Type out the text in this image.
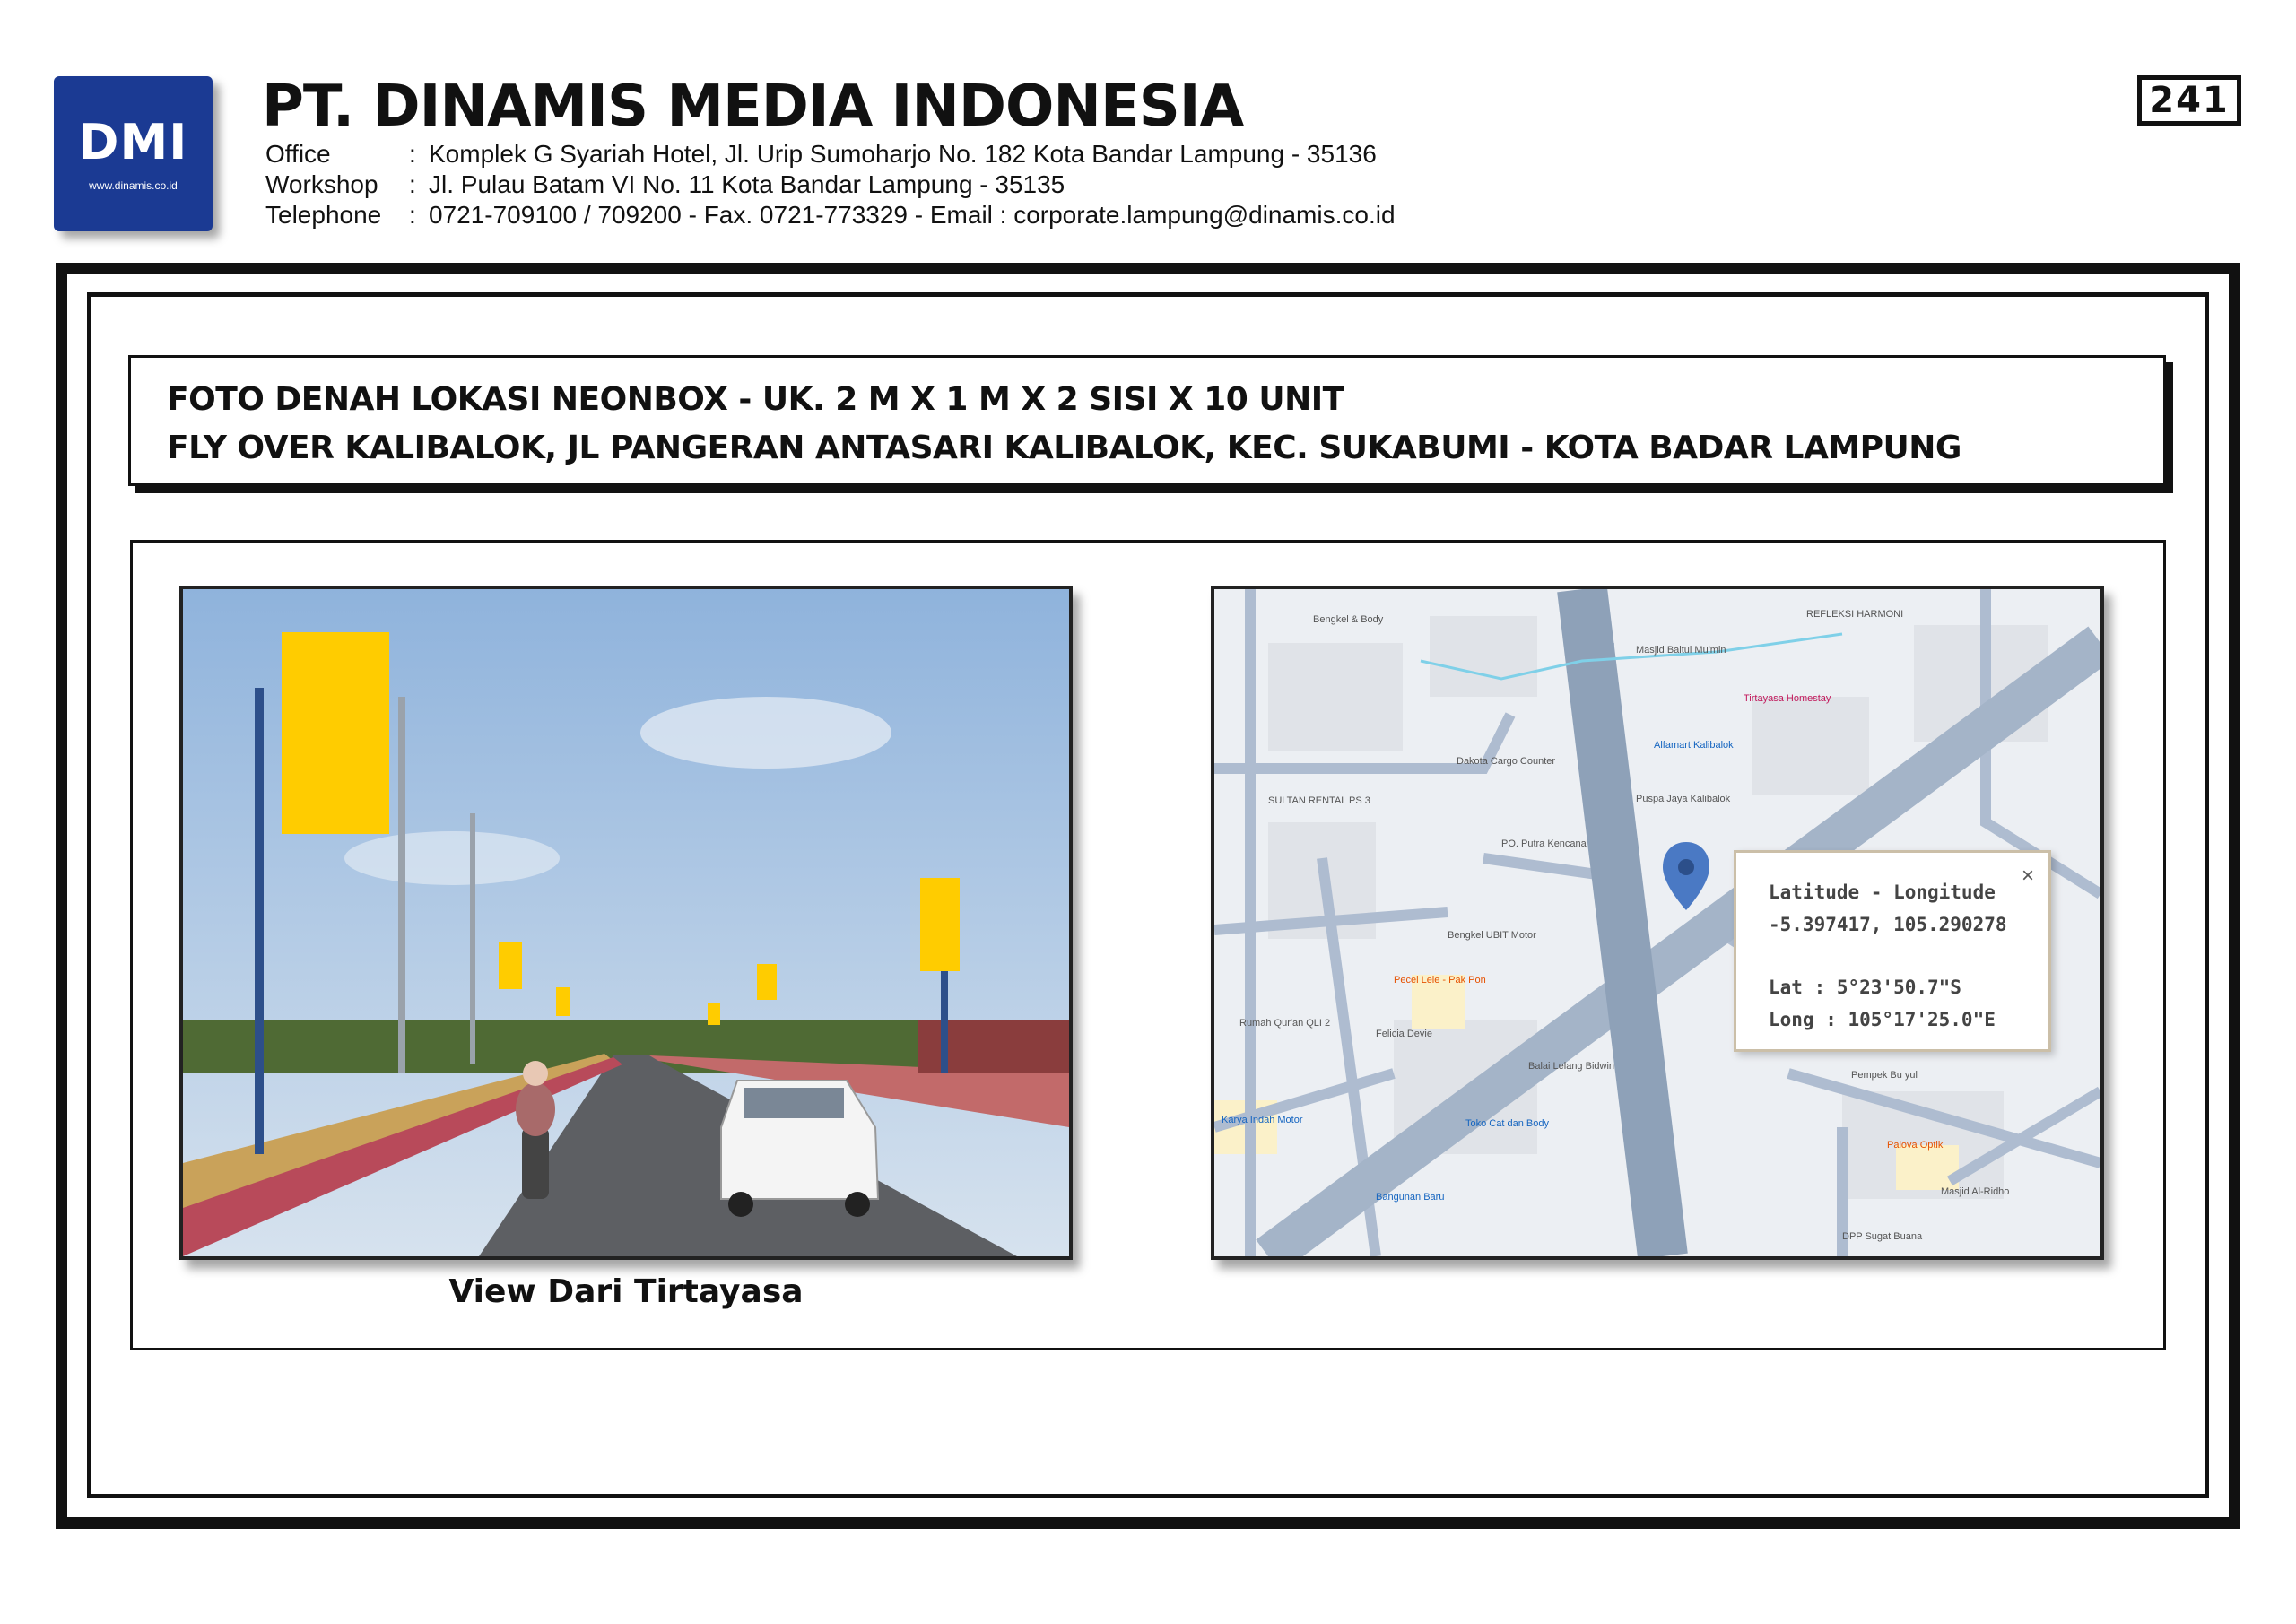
DMI
www.dinamis.co.id
PT. DINAMIS MEDIA INDONESIA
Office	: Komplek G Syariah Hotel, Jl. Urip Sumoharjo No. 182 Kota Bandar Lampung - 35136
Workshop	: Jl. Pulau Batam VI No. 11 Kota Bandar Lampung - 35135
Telephone	: 0721-709100 / 709200 - Fax. 0721-773329 - Email : corporate.lampung@dinamis.co.id
241
FOTO DENAH LOKASI NEONBOX - UK. 2 M X 1 M X 2 SISI X 10 UNIT
FLY OVER KALIBALOK, JL PANGERAN ANTASARI KALIBALOK, KEC. SUKABUMI - KOTA BADAR LAMPUNG
View Dari Tirtayasa
Bengkel & Body
Masjid Baitul Mu'min
REFLEKSI HARMONI
Tirtayasa Homestay
Alfamart Kalibalok
Dakota Cargo Counter
SULTAN RENTAL PS 3
PO. Putra Kencana
Puspa Jaya Kalibalok
Bengkel UBIT Motor
Pecel Lele - Pak Pon
Felicia Devie
Rumah Qur'an QLI 2
Balai Lelang Bidwin
Toko Cat dan Body
Bangunan Baru
Karya Indah Motor
Pempek Bu yul
Palova Optik
Masjid Al-Ridho
DPP Sugat Buana
×
Latitude - Longitude
-5.397417, 105.290278
Lat : 5°23'50.7"S
Long : 105°17'25.0"E
